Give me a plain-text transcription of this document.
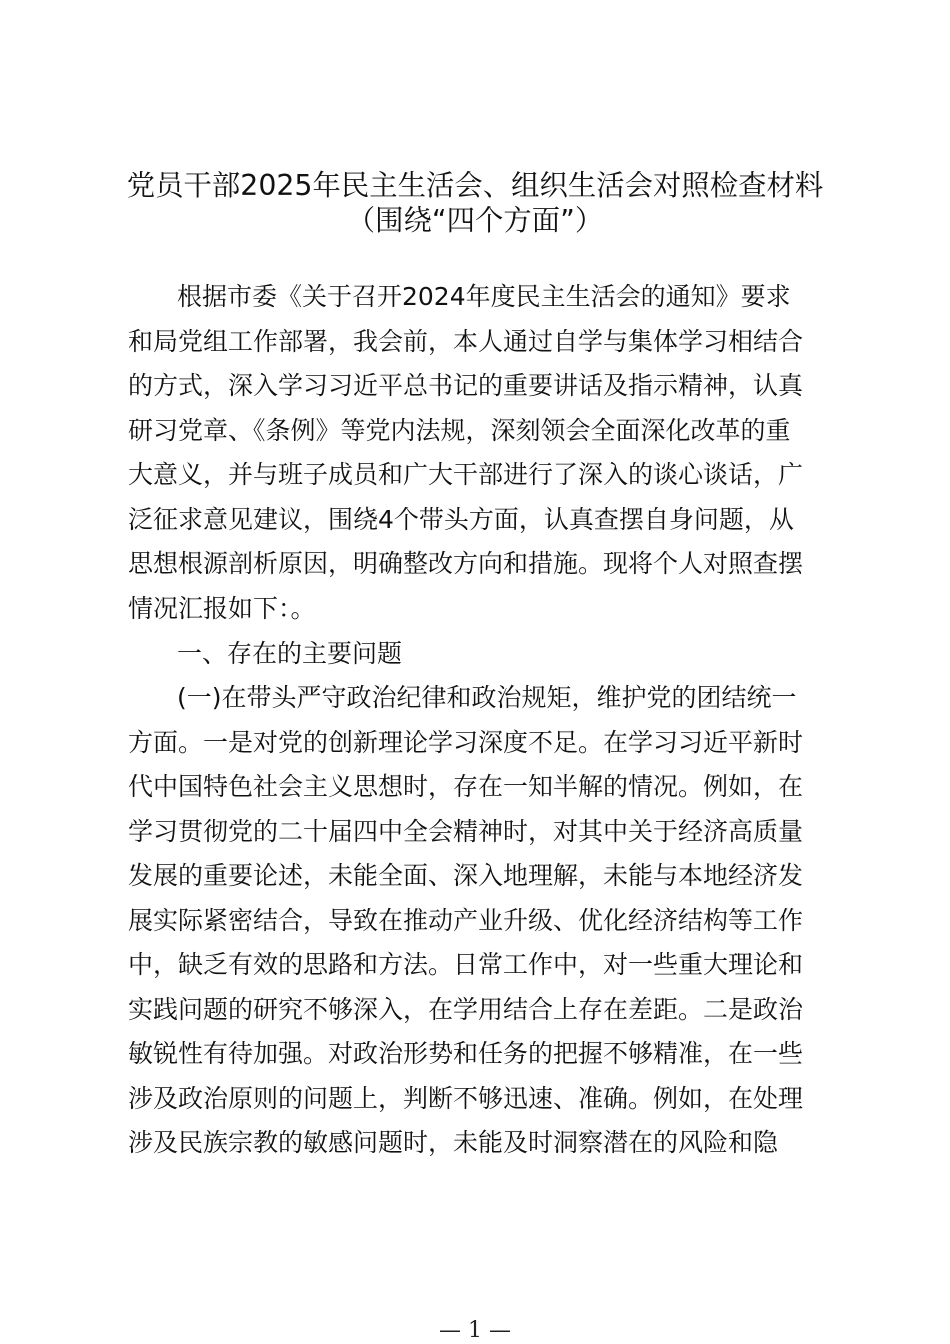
党员干部2025年民主生活会、组织生活会对照检查材料
（围绕“四个方面”）
根据市委《关于召开2024年度民主生活会的通知》要求
和局党组工作部署，我会前，本人通过自学与集体学习相结合
的方式，深入学习习近平总书记的重要讲话及指示精神，认真
研习党章、《条例》等党内法规，深刻领会全面深化改革的重
大意义，并与班子成员和广大干部进行了深入的谈心谈话，广
泛征求意见建议，围绕4个带头方面，认真查摆自身问题，从
思想根源剖析原因，明确整改方向和措施。现将个人对照查摆
情况汇报如下：。
一、存在的主要问题
(一)在带头严守政治纪律和政治规矩，维护党的团结统一
方面。一是对党的创新理论学习深度不足。在学习习近平新时
代中国特色社会主义思想时，存在一知半解的情况。例如，在
学习贯彻党的二十届四中全会精神时，对其中关于经济高质量
发展的重要论述，未能全面、深入地理解，未能与本地经济发
展实际紧密结合，导致在推动产业升级、优化经济结构等工作
中，缺乏有效的思路和方法。日常工作中，对一些重大理论和
实践问题的研究不够深入，在学用结合上存在差距。二是政治
敏锐性有待加强。对政治形势和任务的把握不够精准，在一些
涉及政治原则的问题上，判断不够迅速、准确。例如，在处理
涉及民族宗教的敏感问题时，未能及时洞察潜在的风险和隐
— 1 —
